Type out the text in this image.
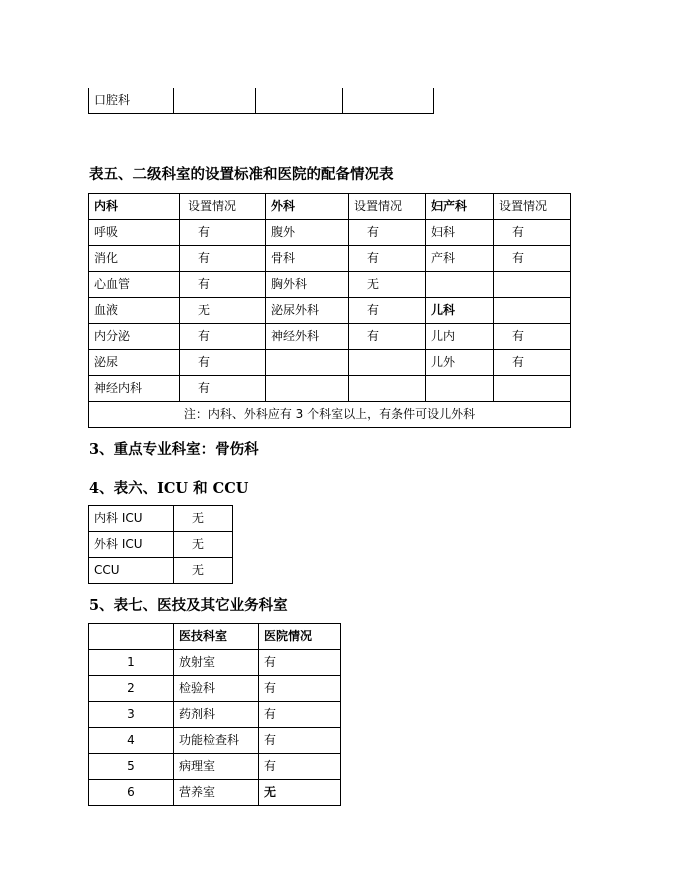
口腔科			
表五、二级科室的设置标准和医院的配备情况表
内科	设置情况	外科	设置情况	妇产科	设置情况
呼吸	有	腹外	有	妇科	有
消化	有	骨科	有	产科	有
心血管	有	胸外科	无		
血液	无	泌尿外科	有	儿科	
内分泌	有	神经外科	有	儿内	有
泌尿	有			儿外	有
神经内科	有				
注：内科、外科应有 3 个科室以上，有条件可设儿外科					
3、重点专业科室：骨伤科
4、表六、ICU 和 CCU
内科 ICU	无
外科 ICU	无
CCU	无
5、表七、医技及其它业务科室
	医技科室	医院情况
1	放射室	有
2	检验科	有
3	药剂科	有
4	功能检查科	有
5	病理室	有
6	营养室	无
